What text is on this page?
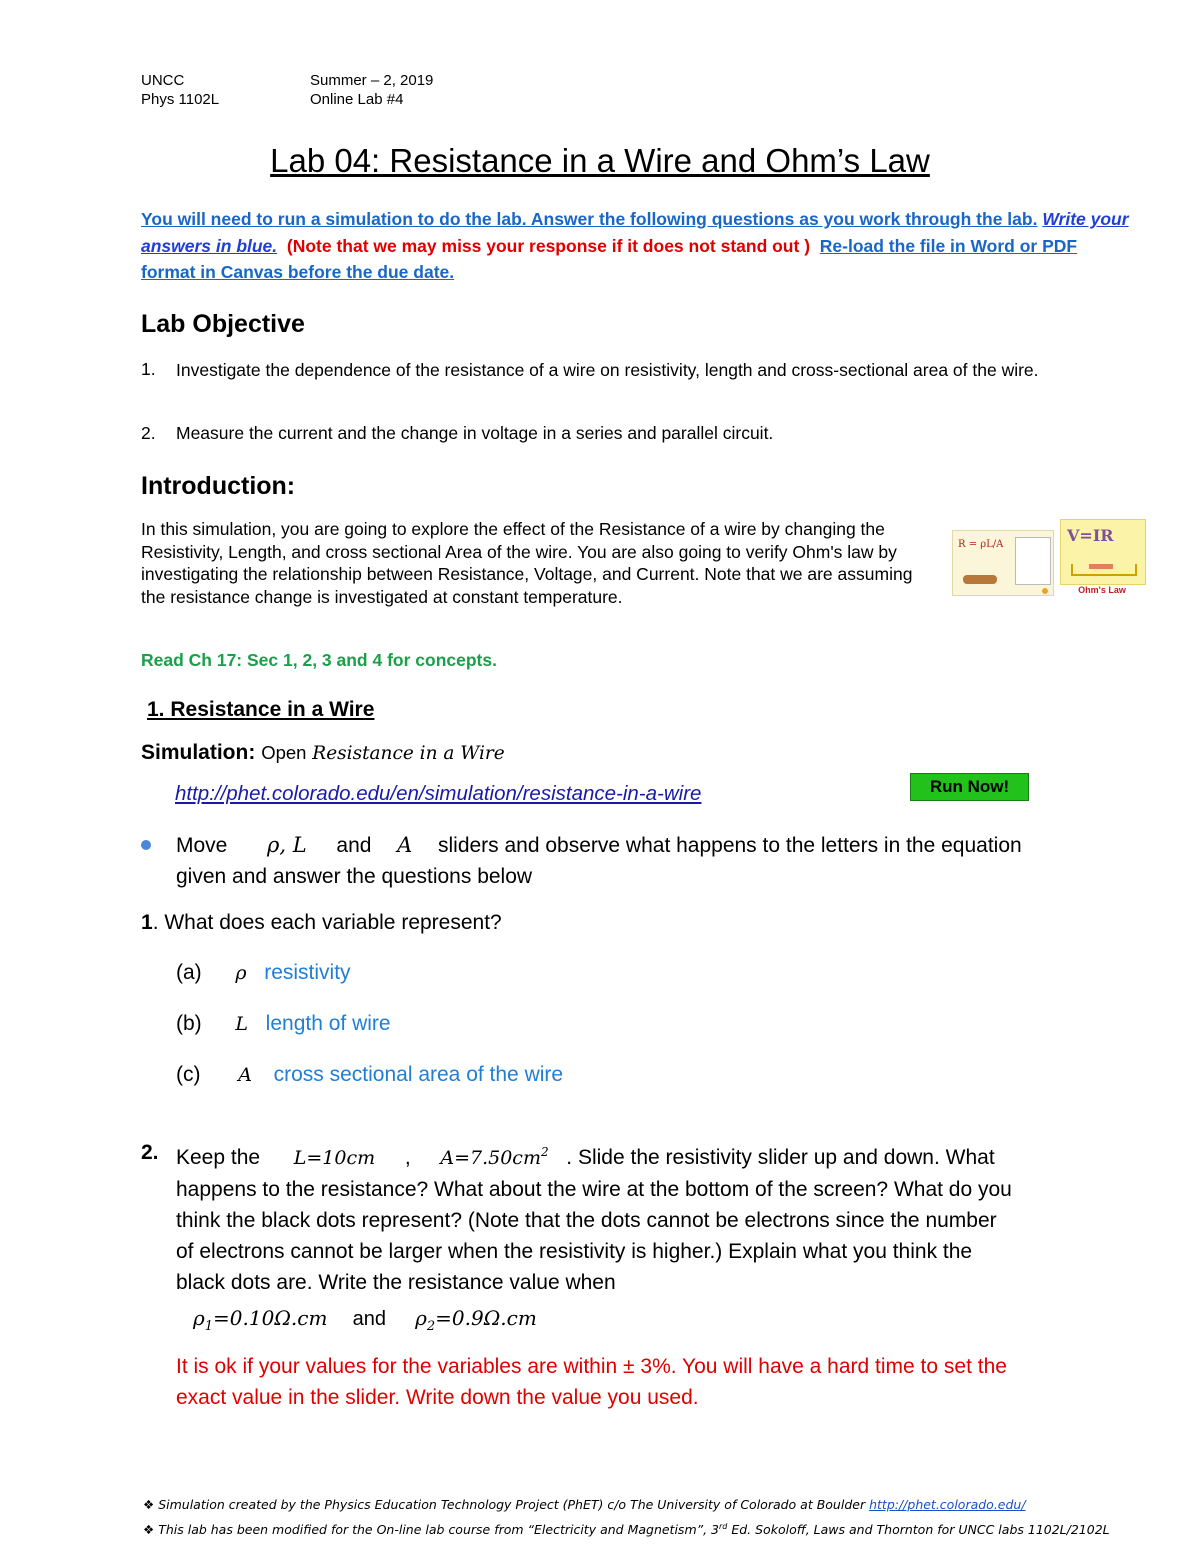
UNCC
Phys 1102L
Summer – 2, 2019
Online Lab #4
Lab 04: Resistance in a Wire and Ohm’s Law
You will need to run a simulation to do the lab. Answer the following questions as you work through the lab. Write your answers in blue. (Note that we may miss your response if it does not stand out ) Re-load the file in Word or PDF format in Canvas before the due date.
Lab Objective
1.	Investigate the dependence of the resistance of a wire on resistivity, length and cross-sectional area of the wire.
2.	Measure the current and the change in voltage in a series and parallel circuit.
Introduction:
In this simulation, you are going to explore the effect of the Resistance of a wire by changing the Resistivity, Length, and cross sectional Area of the wire. You are also going to verify Ohm's law by investigating the relationship between Resistance, Voltage, and Current. Note that we are assuming the resistance change is investigated at constant temperature.
R = ρL/A	V=IR
Ohm's Law
Read Ch 17: Sec 1, 2, 3 and 4 for concepts.
1. Resistance in a Wire
Simulation: Open Resistance in a Wire
http://phet.colorado.edu/en/simulation/resistance-in-a-wire	Run Now!
Move ρ, L and A sliders and observe what happens to the letters in the equation
given and answer the questions below
1. What does each variable represent?
(a) ρ resistivity
(b) L length of wire
(c) A cross sectional area of the wire
2. Keep the L=10cm , $A=7.50cm^2$ . Slide the resistivity slider up and down. What
happens to the resistance? What about the wire at the bottom of the screen? What do you
think the black dots represent? (Note that the dots cannot be electrons since the number
of electrons cannot be larger when the resistivity is higher.) Explain what you think the
black dots are. Write the resistance value when
$\rho_1=0.10\Omega.cm$ and $\rho_2=0.9\Omega.cm$
It is ok if your values for the variables are within ± 3%. You will have a hard time to set the
exact value in the slider. Write down the value you used.
❖ Simulation created by the Physics Education Technology Project (PhET) c/o The University of Colorado at Boulder http://phet.colorado.edu/
❖ This lab has been modified for the On-line lab course from “Electricity and Magnetism”, 3rd Ed. Sokoloff, Laws and Thornton for UNCC labs 1102L/2102L
